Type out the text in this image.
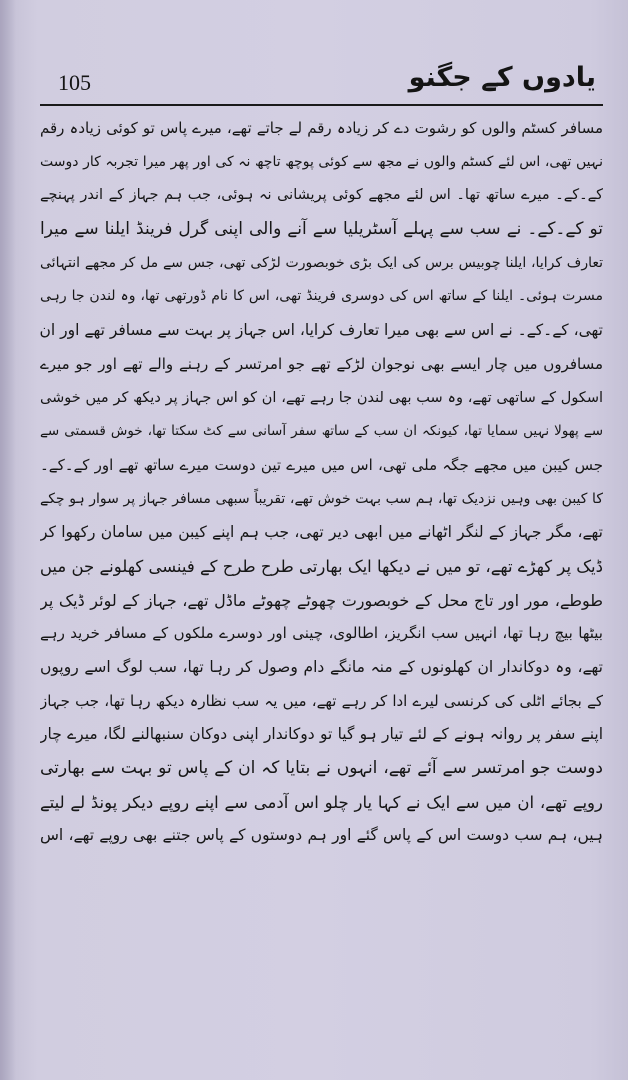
105	یادوں کے جگنو
مسافر کسٹم والوں کو رشوت دے کر زیادہ رقم لے جاتے تھے، میرے پاس تو کوئی زیادہ رقم
نہیں تھی، اس لئے کسٹم والوں نے مجھ سے کوئی پوچھ تاچھ نہ کی اور پھر میرا تجربہ کار دوست
کے۔کے۔ میرے ساتھ تھا۔ اس لئے مجھے کوئی پریشانی نہ ہوئی، جب ہم جہاز کے اندر پہنچے
تو کے۔کے۔ نے سب سے پہلے آسٹریلیا سے آنے والی اپنی گرل فرینڈ ایلنا سے میرا
تعارف کرایا، ایلنا چوبیس برس کی ایک بڑی خوبصورت لڑکی تھی، جس سے مل کر مجھے انتہائی
مسرت ہوئی۔ ایلنا کے ساتھ اس کی دوسری فرینڈ تھی، اس کا نام ڈورتھی تھا، وہ لندن جا رہی
تھی، کے۔کے۔ نے اس سے بھی میرا تعارف کرایا، اس جہاز پر بہت سے مسافر تھے اور ان
مسافروں میں چار ایسے بھی نوجوان لڑکے تھے جو امرتسر کے رہنے والے تھے اور جو میرے
اسکول کے ساتھی تھے، وہ سب بھی لندن جا رہے تھے، ان کو اس جہاز پر دیکھ کر میں خوشی
سے پھولا نہیں سمایا تھا، کیونکہ ان سب کے ساتھ سفر آسانی سے کٹ سکتا تھا، خوش قسمتی سے
جس کیبن میں مجھے جگہ ملی تھی، اس میں میرے تین دوست میرے ساتھ تھے اور کے۔کے۔
کا کیبن بھی وہیں نزدیک تھا، ہم سب بہت خوش تھے، تقریباً سبھی مسافر جہاز پر سوار ہو چکے
تھے، مگر جہاز کے لنگر اٹھانے میں ابھی دیر تھی، جب ہم اپنے کیبن میں سامان رکھوا کر
ڈیک پر کھڑے تھے، تو میں نے دیکھا ایک بھارتی طرح طرح کے فینسی کھلونے جن میں
طوطے، مور اور تاج محل کے خوبصورت چھوٹے چھوٹے ماڈل تھے، جہاز کے لوئر ڈیک پر
بیٹھا بیچ رہا تھا، انہیں سب انگریز، اطالوی، چینی اور دوسرے ملکوں کے مسافر خرید رہے
تھے، وہ دوکاندار ان کھلونوں کے منہ مانگے دام وصول کر رہا تھا، سب لوگ اسے روپوں
کے بجائے اٹلی کی کرنسی لیرے ادا کر رہے تھے، میں یہ سب نظارہ دیکھ رہا تھا، جب جہاز
اپنے سفر پر روانہ ہونے کے لئے تیار ہو گیا تو دوکاندار اپنی دوکان سنبھالنے لگا، میرے چار
دوست جو امرتسر سے آئے تھے، انہوں نے بتایا کہ ان کے پاس تو بہت سے بھارتی
روپے تھے، ان میں سے ایک نے کہا یار چلو اس آدمی سے اپنے روپے دیکر پونڈ لے لیتے
ہیں، ہم سب دوست اس کے پاس گئے اور ہم دوستوں کے پاس جتنے بھی روپے تھے، اس
